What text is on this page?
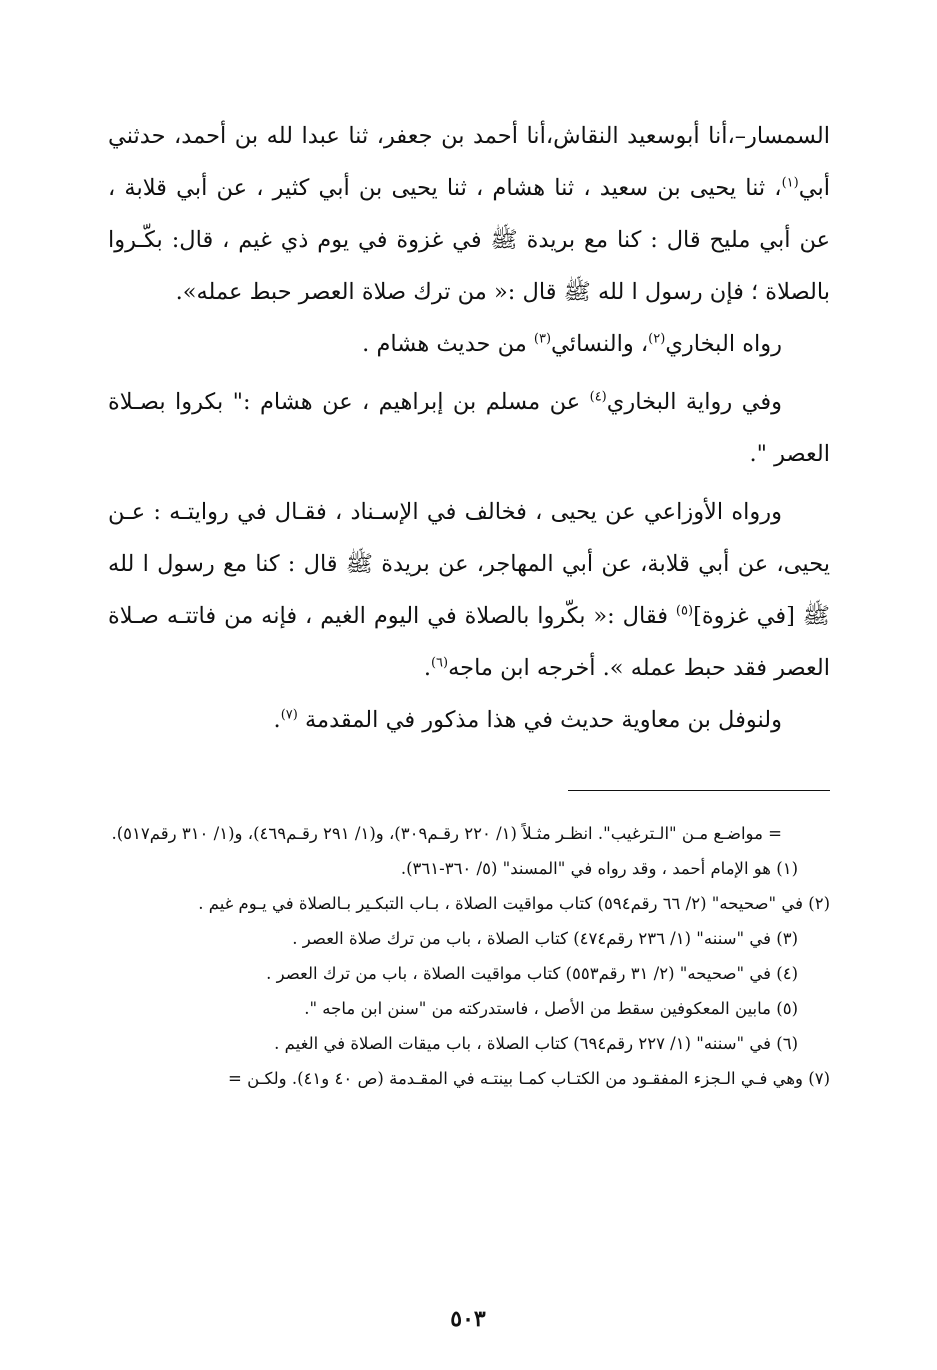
السمسار–،أنا أبوسعيد النقاش،أنا أحمد بن جعفر، ثنا عبدا لله بن أحمد، حدثني أبي$^{(١)}$، ثنا يحيى بن سعيد ، ثنا هشام ، ثنا يحيى بن أبي كثير ، عن أبي قلابة ، عن أبي مليح قال : كنا مع بريدة ﷺ في غزوة في يوم ذي غيم ، قال: بكّـروا بالصلاة ؛ فإن رسول ا لله ﷺ قال :« من ترك صلاة العصر حبط عمله».

رواه البخاري$^{(٢)}$، والنسائي$^{(٣)}$ من حديث هشام .

وفي رواية البخاري$^{(٤)}$ عن مسلم بن إبراهيم ، عن هشام :" بكروا بصـلاة العصر ".

ورواه الأوزاعي عن يحيى ، فخالف في الإسـناد ، فقـال في روايتـه : عـن يحيى، عن أبي قلابة، عن أبي المهاجر، عن بريدة ﷺ قال : كنا مع رسول ا لله ﷺ [في غزوة]$^{(٥)}$ فقال :« بكّروا بالصلاة في اليوم الغيم ، فإنه من فاتتـه صـلاة العصر فقد حبط عمله ». أخرجه ابن ماجه$^{(٦)}$.

ولنوفل بن معاوية حديث في هذا مذكور في المقدمة $^{(٧)}$.

= مواضـع مـن "الـترغيب". انظـر مثـلاً (١/ ٢٢٠ رقـم٣٠٩)، و(١/ ٢٩١ رقـم٤٦٩)، و(١/ ٣١٠ رقم٥١٧).

(١) هو الإمام أحمد ، وقد رواه في "المسند" (٥/ ٣٦٠-٣٦١).

(٢) في "صحيحه" (٢/ ٦٦ رقم٥٩٤) كتاب مواقيت الصلاة ، بـاب التبكـير بـالصلاة في يـوم غيم .

(٣) في "سننه" (١/ ٢٣٦ رقم٤٧٤) كتاب الصلاة ، باب من ترك صلاة العصر .

(٤) في "صحيحه" (٢/ ٣١ رقم٥٥٣) كتاب مواقيت الصلاة ، باب من ترك العصر .

(٥) مابين المعكوفين سقط من الأصل ، فاستدركته من "سنن ابن ماجه ".

(٦) في "سننه" (١/ ٢٢٧ رقم٦٩٤) كتاب الصلاة ، باب ميقات الصلاة في الغيم .

(٧) وهي فـي الـجزء المفقـود من الكتـاب كمـا بينتـه في المقـدمة (ص ٤٠ و٤١). ولكـن =

٥٠٣
